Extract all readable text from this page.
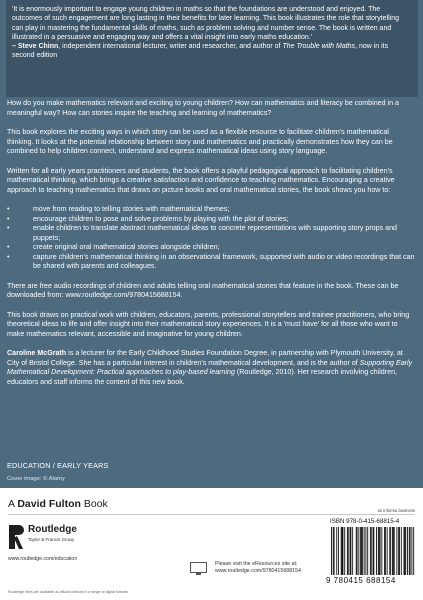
'It is enormously important to engage young children in maths so that the foundations are understood and enjoyed. The outcomes of such engagement are long lasting in their benefits for later learning. This book illustrates the role that storytelling can play in mastering the fundamental skills of maths, such as problem solving and number sense. The book is written and illustrated in a persuasive and engaging way and offers a vital insight into early maths education.'

– Steve Chinn, independent international lecturer, writer and researcher, and author of The Trouble with Maths, now in its second edition

How do you make mathematics relevant and exciting to young children? How can mathematics and literacy be combined in a meaningful way? How can stories inspire the teaching and learning of mathematics?

This book explores the exciting ways in which story can be used as a flexible resource to facilitate children's mathematical thinking. It looks at the potential relationship between story and mathematics and practically demonstrates how they can be combined to help children connect, understand and express mathematical ideas using story language.

Written for all early years practitioners and students, the book offers a playful pedagogical approach to facilitating children's mathematical thinking, which brings a creative satisfaction and confidence to teaching mathematics. Encouraging a creative approach to teaching mathematics that draws on picture books and oral mathematical stories, the book shows you how to:

• move from reading to telling stories with mathematical themes;
• encourage children to pose and solve problems by playing with the plot of stories;
• enable children to translate abstract mathematical ideas to concrete representations with supporting story props and puppets;
• create original oral mathematical stories alongside children;
• capture children's mathematical thinking in an observational framework, supported with audio or video recordings that can be shared with parents and colleagues.

There are free audio recordings of children and adults telling oral mathematical stories that feature in the book. These can be downloaded from: www.routledge.com/9780415688154.

This book draws on practical work with children, educators, parents, professional storytellers and trainee practitioners, who bring theoretical ideas to life and offer insight into their mathematical story experiences. It is a 'must have' for all those who want to make mathematics relevant, accessible and imaginative for young children.

Caroline McGrath is a lecturer for the Early Childhood Studies Foundation Degree, in partnership with Plymouth University, at City of Bristol College. She has a particular interest in children's mathematical development, and is the author of Supporting Early Mathematical Development: Practical approaches to play-based learning (Routledge, 2010). Her research involving children, educators and staff informs the content of this new book.

EDUCATION / EARLY YEARS
Cover image: © Alamy
A David Fulton Book
an informa business
Routledge
Taylor & Francis Group
www.routledge.com/education
Please visit the eResources site at:
www.routledge.com/9780415688154
Routledge titles are available as eBook editions in a range of digital formats
ISBN 978-0-415-68815-4
9 780415 688154
